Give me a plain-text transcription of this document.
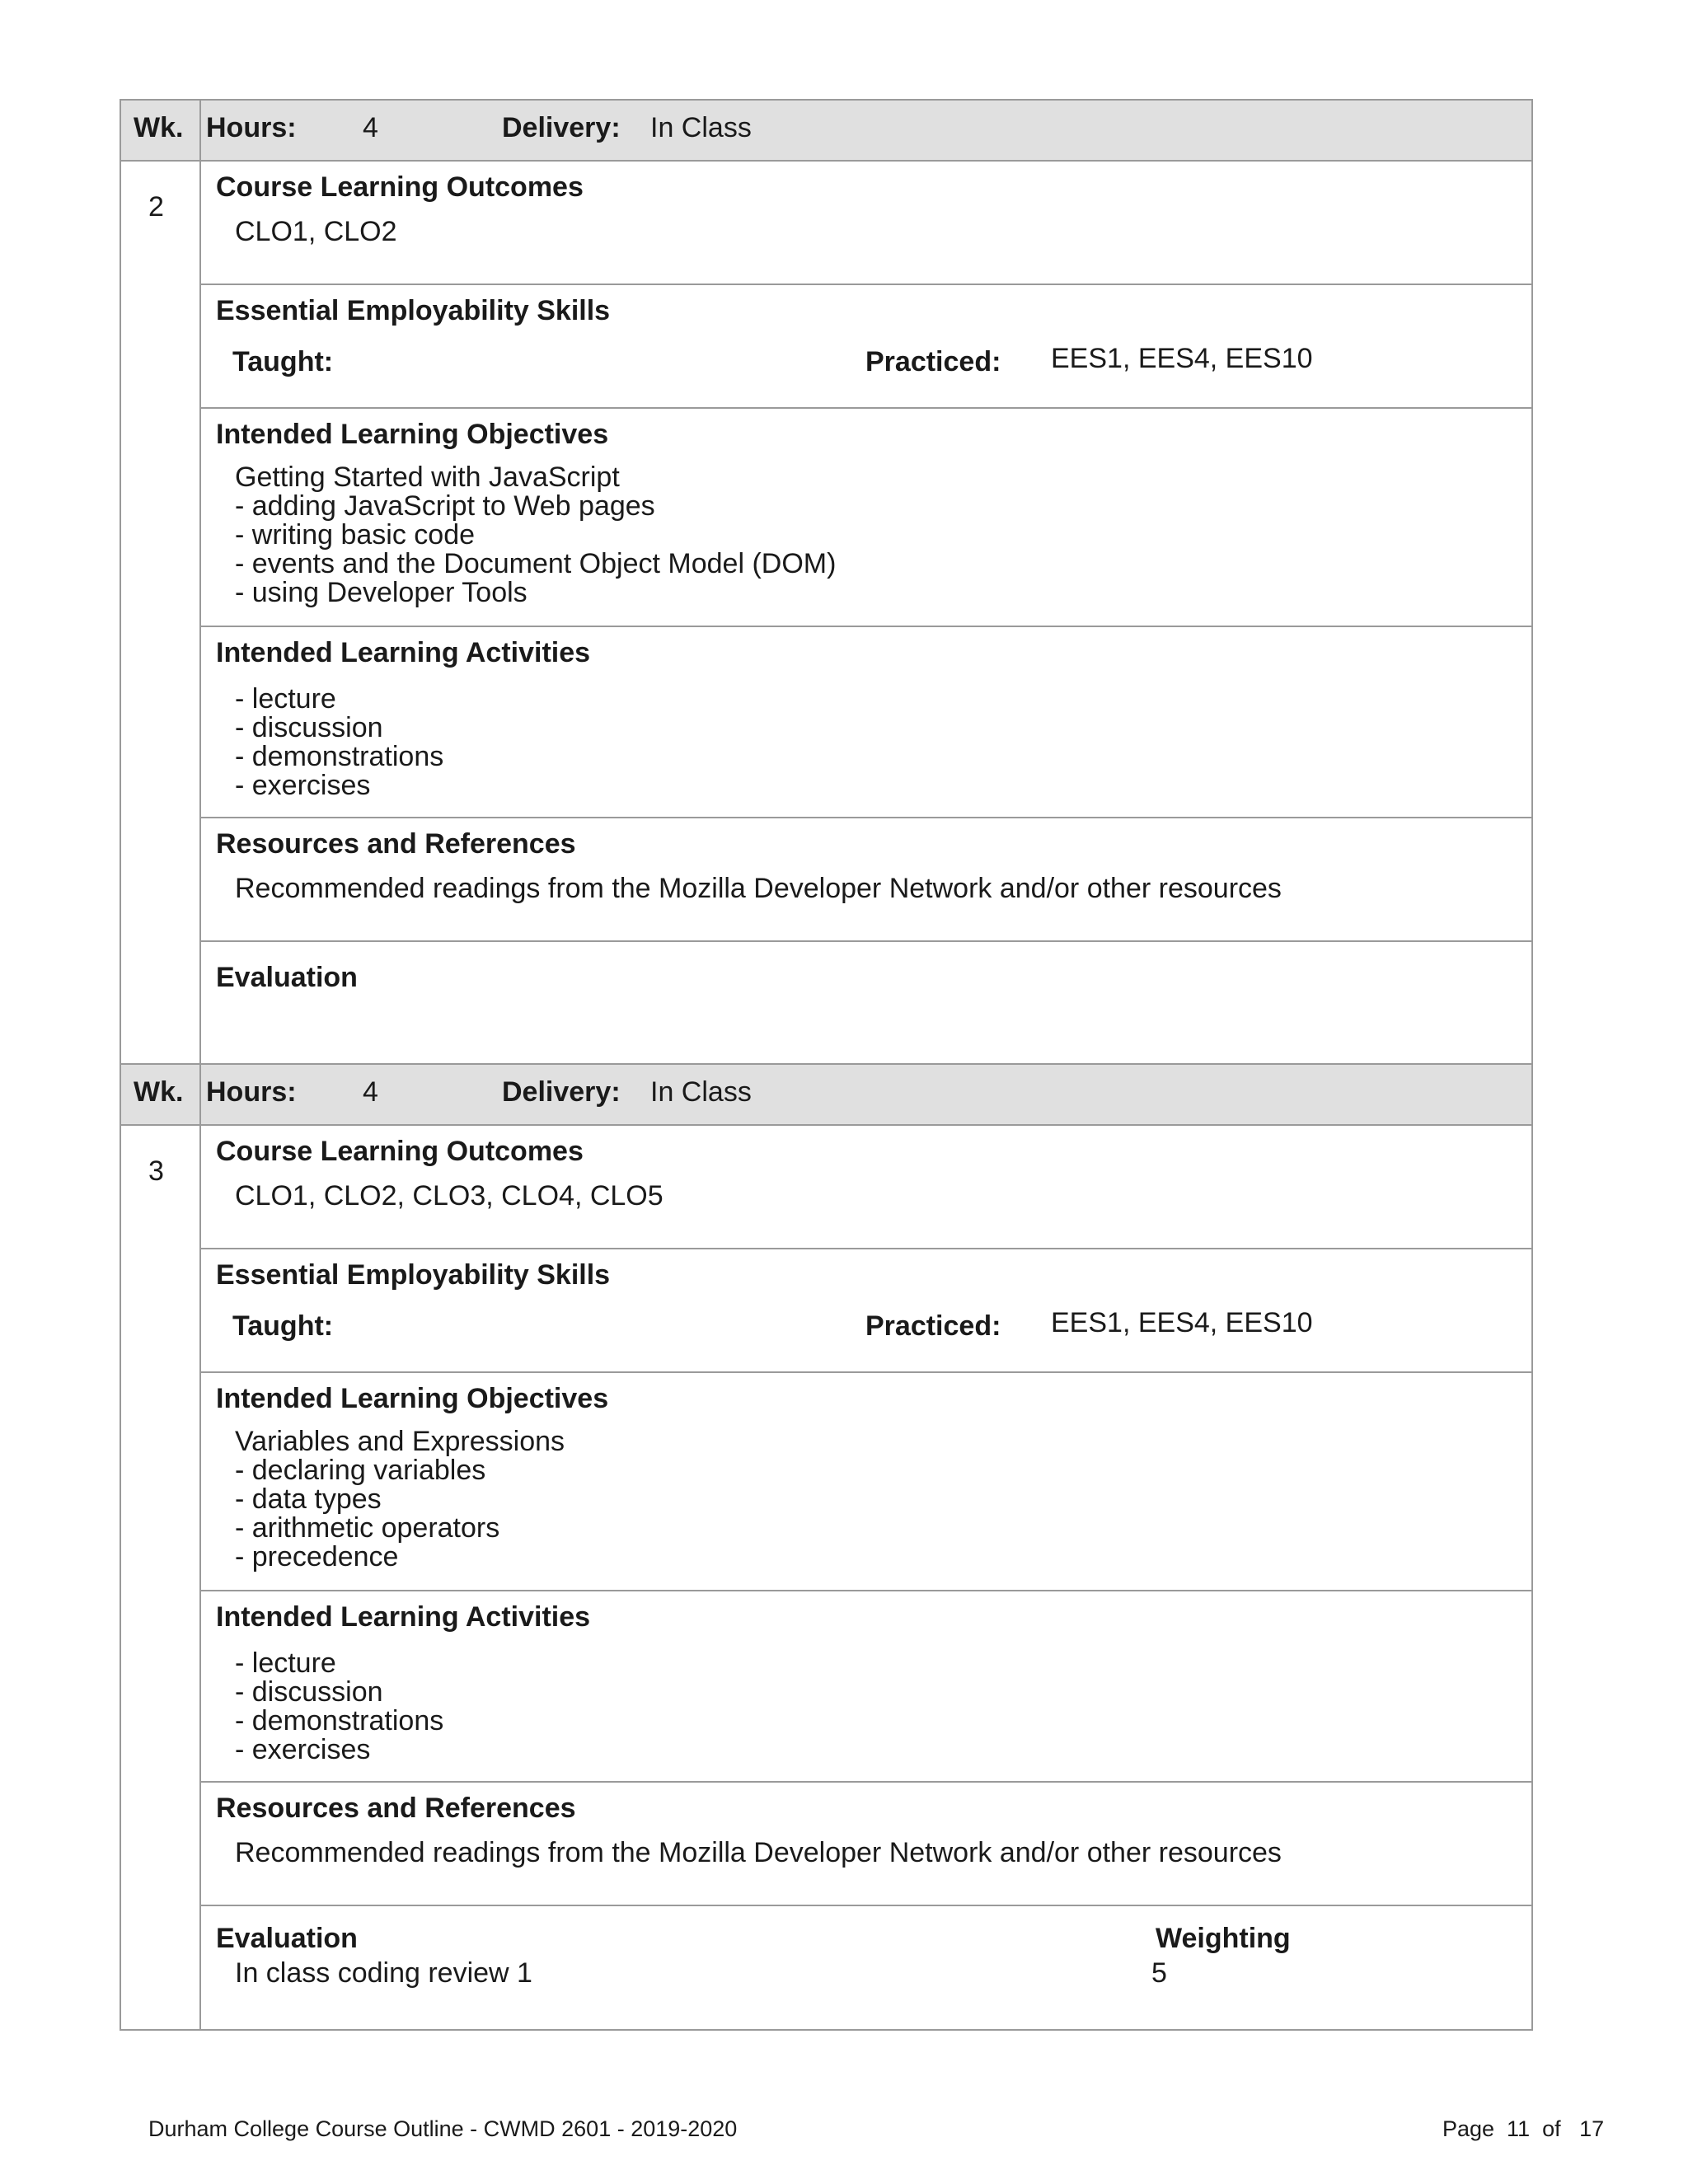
Wk. Hours: 4	Delivery: In Class
2
Course Learning Outcomes
CLO1, CLO2
Essential Employability Skills
Taught:	Practiced: EES1, EES4, EES10
Intended Learning Objectives
Getting Started with JavaScript
- adding JavaScript to Web pages
- writing basic code
- events and the Document Object Model (DOM)
- using Developer Tools
Intended Learning Activities
- lecture
- discussion
- demonstrations
- exercises
Resources and References
Recommended readings from the Mozilla Developer Network and/or other resources
Evaluation
Wk. Hours: 4	Delivery: In Class
3
Course Learning Outcomes
CLO1, CLO2, CLO3, CLO4, CLO5
Essential Employability Skills
Taught:	Practiced: EES1, EES4, EES10
Intended Learning Objectives
Variables and Expressions
- declaring variables
- data types
- arithmetic operators
- precedence
Intended Learning Activities
- lecture
- discussion
- demonstrations
- exercises
Resources and References
Recommended readings from the Mozilla Developer Network and/or other resources
Evaluation	Weighting
In class coding review 1	5
Durham College Course Outline - CWMD 2601 - 2019-2020	Page  11  of   17
